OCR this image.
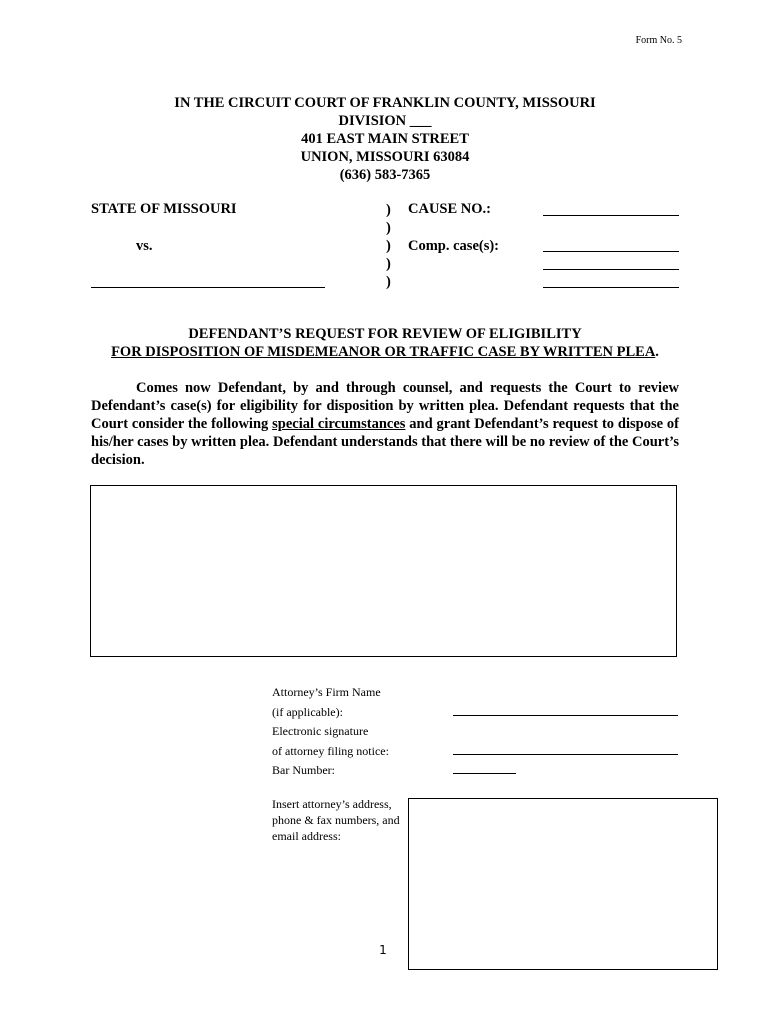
Form No. 5
IN THE CIRCUIT COURT OF FRANKLIN COUNTY, MISSOURI
DIVISION ___
401 EAST MAIN STREET
UNION, MISSOURI 63084
(636) 583-7365
STATE OF MISSOURI
vs.
)
)
)
)
)
CAUSE NO.:
Comp. case(s):
DEFENDANT’S REQUEST FOR REVIEW OF ELIGIBILITY
FOR DISPOSITION OF MISDEMEANOR OR TRAFFIC CASE BY WRITTEN PLEA.
Comes now Defendant, by and through counsel, and requests the Court to review Defendant’s case(s) for eligibility for disposition by written plea. Defendant requests that the Court consider the following special circumstances and grant Defendant’s request to dispose of his/her cases by written plea. Defendant understands that there will be no review of the Court’s decision.
Attorney’s Firm Name
(if applicable):
Electronic signature
of attorney filing notice:
Bar Number:
Insert attorney’s address, phone & fax numbers, and email address:
1
